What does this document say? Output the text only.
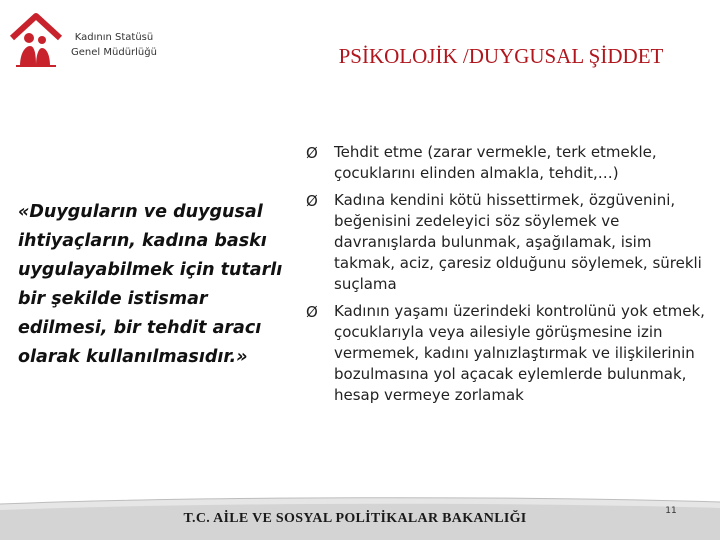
Kadının Statüsü
Genel Müdürlüğü	PSİKOLOJİK /DUYGUSAL ŞİDDET
«Duyguların ve duygusal ihtiyaçların, kadına baskı uygulayabilmek için tutarlı bir şekilde istismar edilmesi, bir tehdit aracı olarak kullanılmasıdır.»
Ø Tehdit etme (zarar vermekle, terk etmekle, çocuklarını elinden almakla, tehdit,…)
Ø Kadına kendini kötü hissettirmek, özgüvenini, beğenisini zedeleyici söz söylemek ve davranışlarda bulunmak, aşağılamak, isim takmak, aciz, çaresiz olduğunu söylemek, sürekli suçlama
Ø Kadının yaşamı üzerindeki kontrolünü yok etmek, çocuklarıyla veya ailesiyle görüşmesine izin vermemek, kadını yalnızlaştırmak ve ilişkilerinin bozulmasına yol açacak eylemlerde bulunmak, hesap vermeye zorlamak
T.C. AİLE VE SOSYAL POLİTİKALAR BAKANLIĞI	11
